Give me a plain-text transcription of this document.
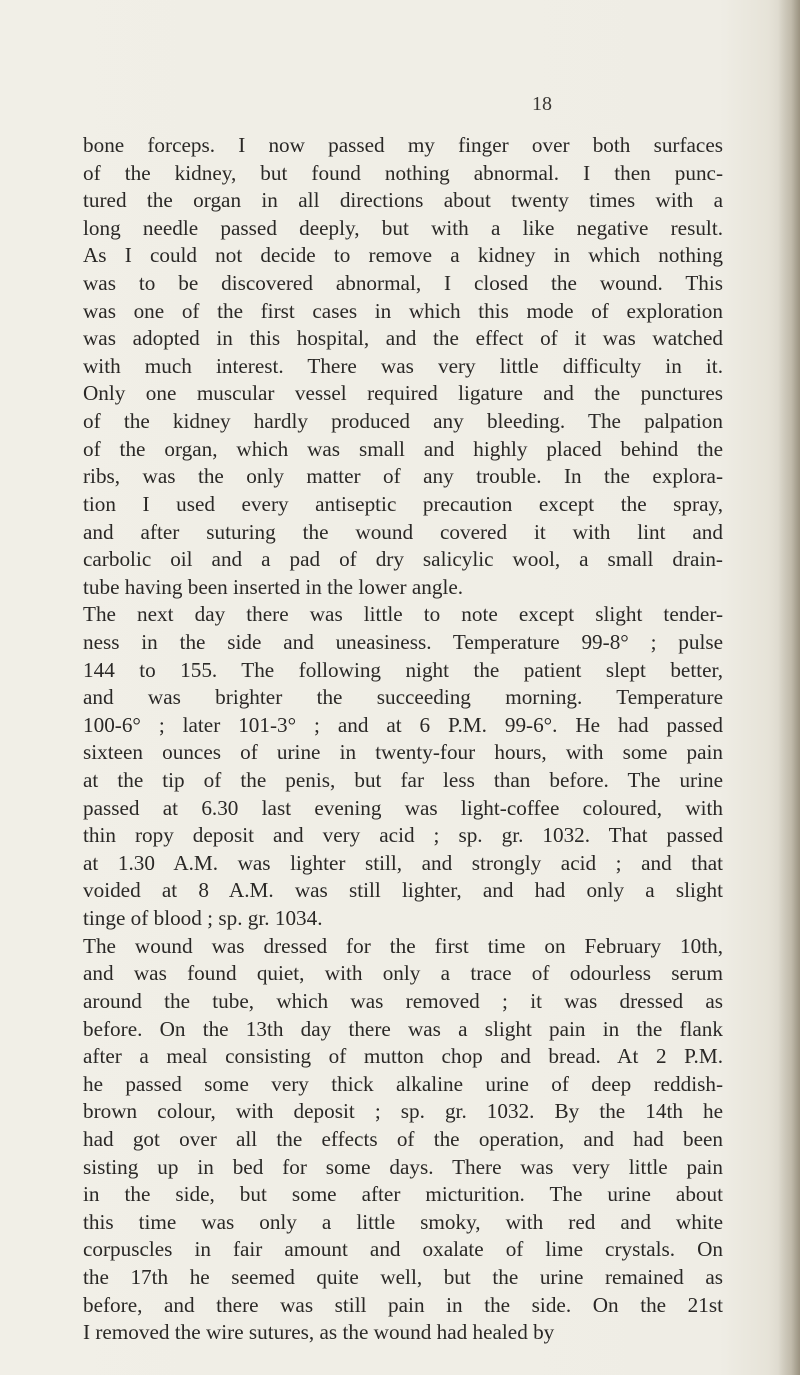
18
bone forceps. I now passed my finger over both surfaces
of the kidney, but found nothing abnormal. I then punc-
tured the organ in all directions about twenty times with a
long needle passed deeply, but with a like negative result.
As I could not decide to remove a kidney in which nothing
was to be discovered abnormal, I closed the wound. This
was one of the first cases in which this mode of exploration
was adopted in this hospital, and the effect of it was watched
with much interest. There was very little difficulty in it.
Only one muscular vessel required ligature and the punctures
of the kidney hardly produced any bleeding. The palpation
of the organ, which was small and highly placed behind the
ribs, was the only matter of any trouble. In the explora-
tion I used every antiseptic precaution except the spray,
and after suturing the wound covered it with lint and
carbolic oil and a pad of dry salicylic wool, a small drain-
tube having been inserted in the lower angle.
The next day there was little to note except slight tender-
ness in the side and uneasiness. Temperature 99-8° ; pulse
144 to 155. The following night the patient slept better,
and was brighter the succeeding morning. Temperature
100-6° ; later 101-3° ; and at 6 P.M. 99-6°. He had passed
sixteen ounces of urine in twenty-four hours, with some pain
at the tip of the penis, but far less than before. The urine
passed at 6.30 last evening was light-coffee coloured, with
thin ropy deposit and very acid ; sp. gr. 1032. That passed
at 1.30 A.M. was lighter still, and strongly acid ; and that
voided at 8 A.M. was still lighter, and had only a slight
tinge of blood ; sp. gr. 1034.
The wound was dressed for the first time on February 10th,
and was found quiet, with only a trace of odourless serum
around the tube, which was removed ; it was dressed as
before. On the 13th day there was a slight pain in the flank
after a meal consisting of mutton chop and bread. At 2 P.M.
he passed some very thick alkaline urine of deep reddish-
brown colour, with deposit ; sp. gr. 1032. By the 14th he
had got over all the effects of the operation, and had been
sisting up in bed for some days. There was very little pain
in the side, but some after micturition. The urine about
this time was only a little smoky, with red and white
corpuscles in fair amount and oxalate of lime crystals. On
the 17th he seemed quite well, but the urine remained as
before, and there was still pain in the side. On the 21st
I removed the wire sutures, as the wound had healed by
